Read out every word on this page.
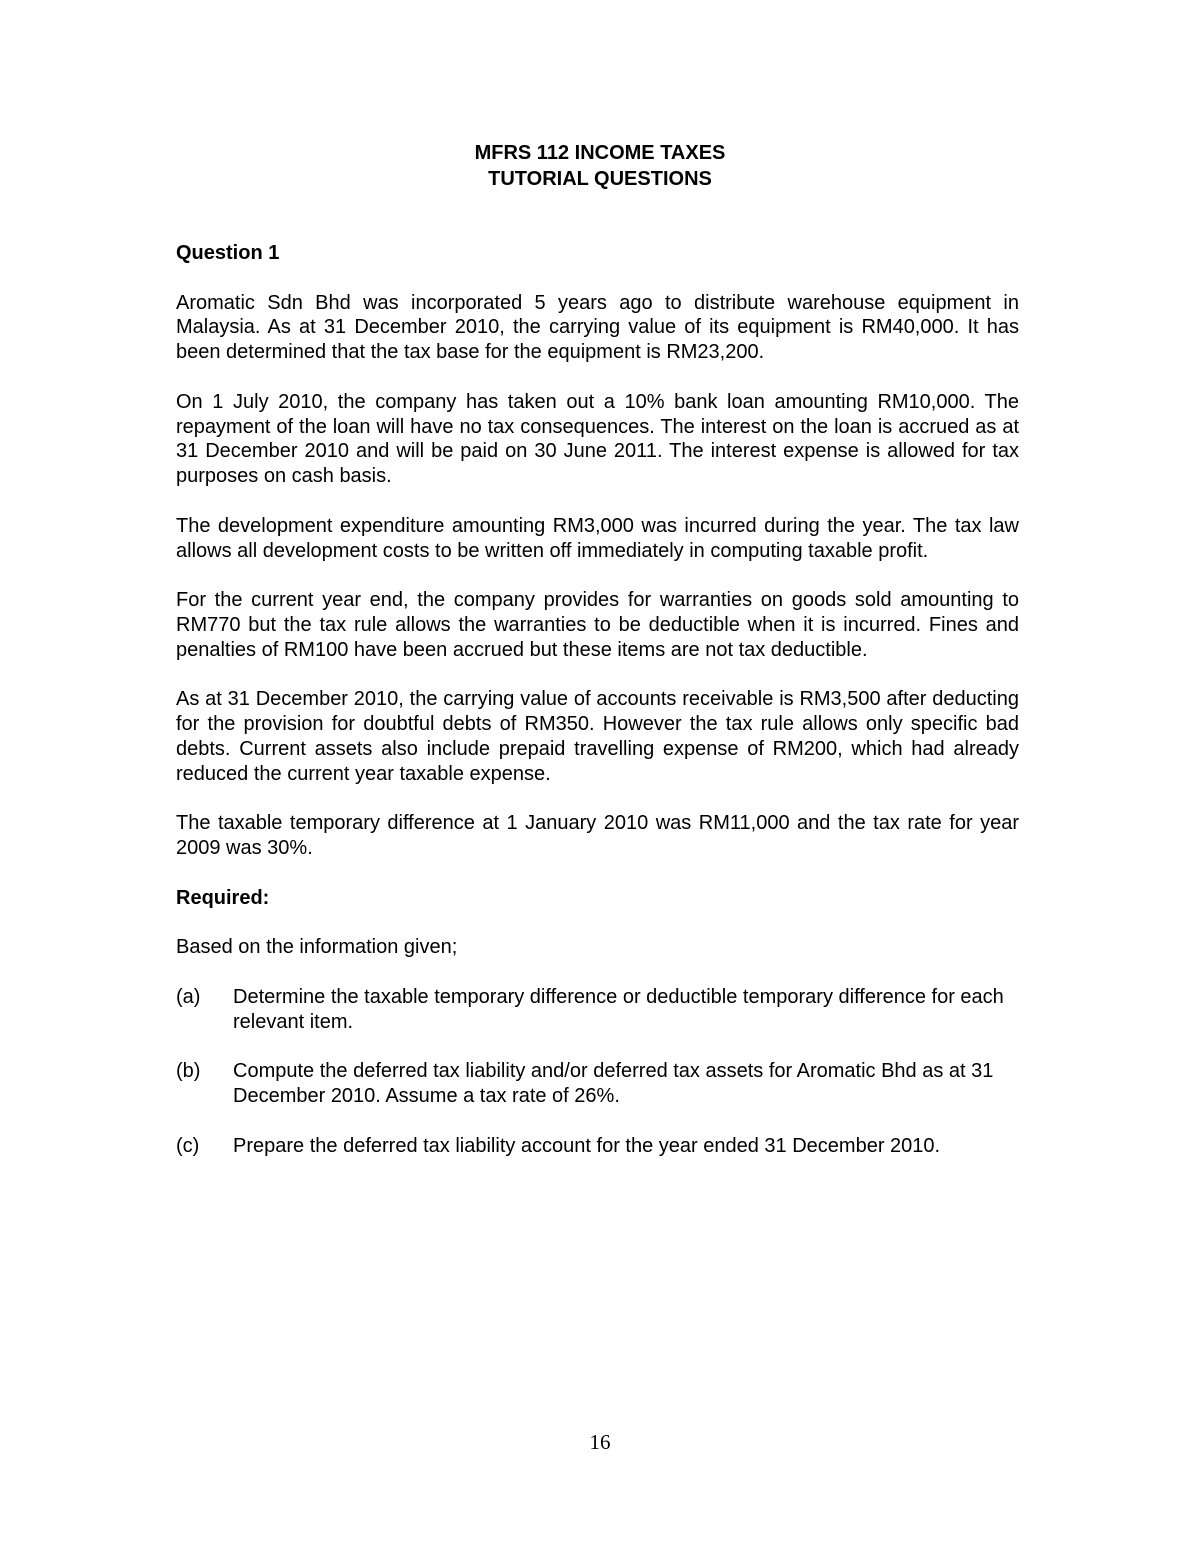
MFRS 112 INCOME TAXES
TUTORIAL QUESTIONS
Question 1

Aromatic Sdn Bhd was incorporated 5 years ago to distribute warehouse equipment in Malaysia. As at 31 December 2010, the carrying value of its equipment is RM40,000. It has been determined that the tax base for the equipment is RM23,200.

On 1 July 2010, the company has taken out a 10% bank loan amounting RM10,000. The repayment of the loan will have no tax consequences. The interest on the loan is accrued as at 31 December 2010 and will be paid on 30 June 2011. The interest expense is allowed for tax purposes on cash basis.

The development expenditure amounting RM3,000 was incurred during the year. The tax law allows all development costs to be written off immediately in computing taxable profit.

For the current year end, the company provides for warranties on goods sold amounting to RM770 but the tax rule allows the warranties to be deductible when it is incurred. Fines and penalties of RM100 have been accrued but these items are not tax deductible.

As at 31 December 2010, the carrying value of accounts receivable is RM3,500 after deducting for the provision for doubtful debts of RM350. However the tax rule allows only specific bad debts. Current assets also include prepaid travelling expense of RM200, which had already reduced the current year taxable expense.

The taxable temporary difference at 1 January 2010 was RM11,000 and the tax rate for year 2009 was 30%.

Required:

Based on the information given;

(a)	Determine the taxable temporary difference or deductible temporary difference for each relevant item.
(b)	Compute the deferred tax liability and/or deferred tax assets for Aromatic Bhd as at 31 December 2010. Assume a tax rate of 26%.
(c)	Prepare the deferred tax liability account for the year ended 31 December 2010.
16
